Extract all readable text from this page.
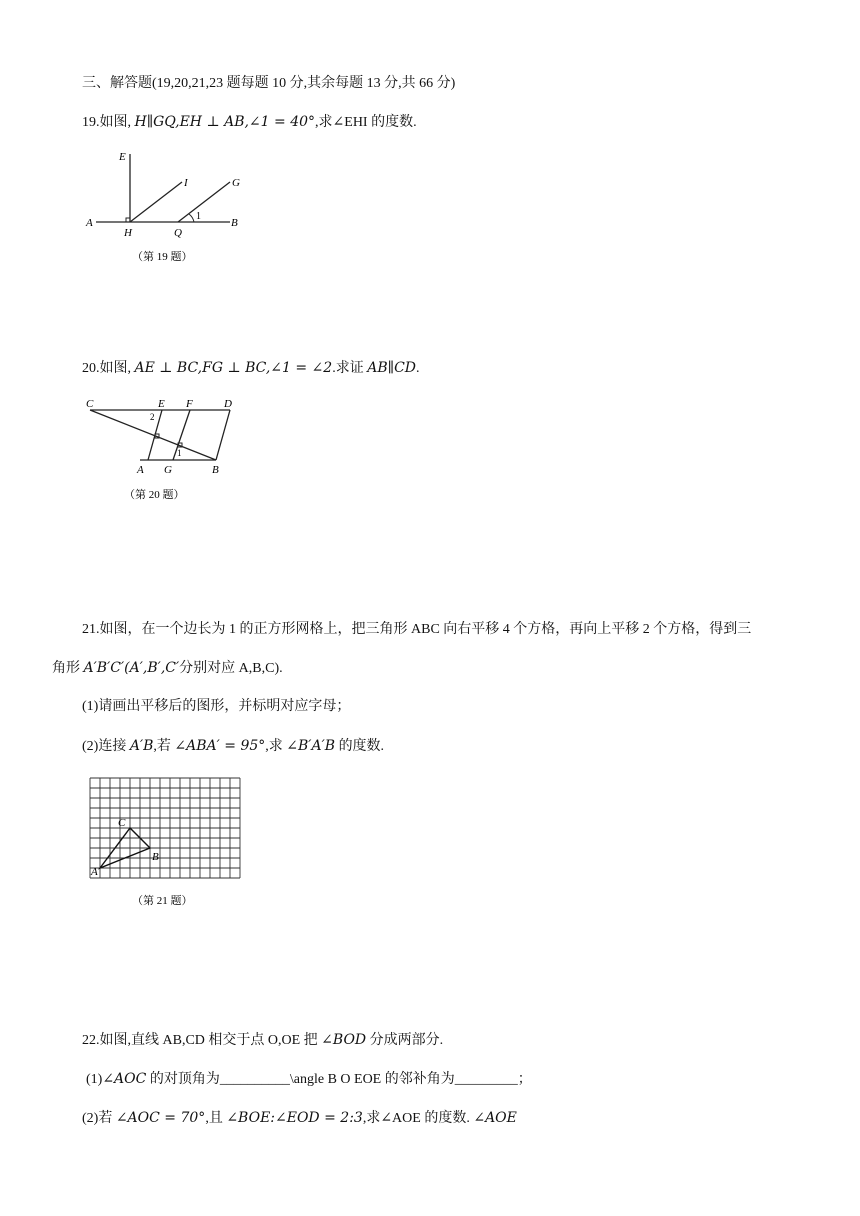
三、解答题(19,20,21,23 题每题 10 分,其余每题 13 分,共 66 分)
19.如图, H∥GQ,EH ⊥ AB,∠1 = 40°,求∠EHI 的度数.
E
I	G
A
H	Q
B
1
（第 19 题）
20.如图, AE ⊥ BC,FG ⊥ BC,∠1 = ∠2.求证 AB∥CD.
C	E F	D
A G	B
1
2
（第 20 题）
21.如图，在一个边长为 1 的正方形网格上，把三角形 ABC 向右平移 4 个方格，再向上平移 2 个方格，得到三
角形 A′B′C′(A′,B′,C′分别对应 A,B,C).
(1)请画出平移后的图形，并标明对应字母；
(2)连接 A′B,若 ∠ABA′ = 95°,求 ∠B′A′B 的度数.
A
B
C
（第 21 题）
22.如图,直线 AB,CD 相交于点 O,OE 把 ∠BOD 分成两部分.
(1)∠AOC 的对顶角为__________\angle B O EOE 的邻补角为_________；
(2)若 ∠AOC = 70°,且 ∠BOE:∠EOD = 2:3,求∠AOE 的度数. ∠AOE
